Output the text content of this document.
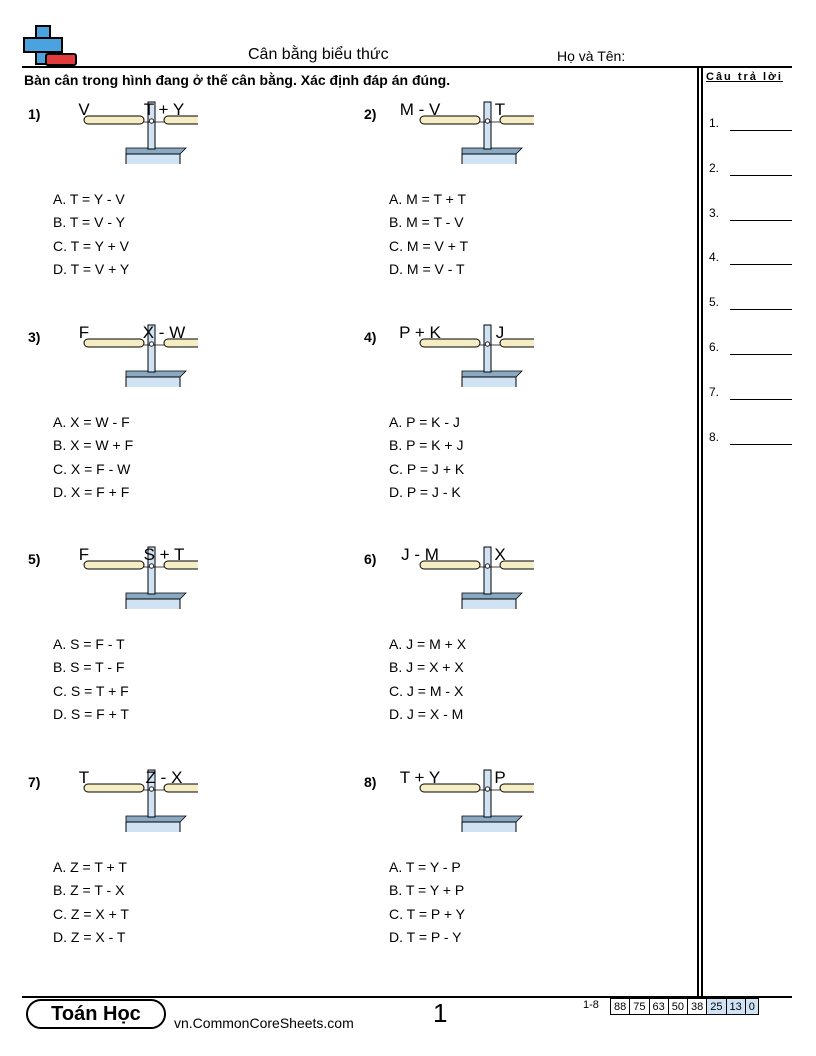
Cân bằng biểu thức	Họ và Tên:
Bàn cân trong hình đang ở thế cân bằng. Xác định đáp án đúng.	Câu trả lời
1.
2.
3.
4.
5.
6.
7.
8.
1)	V	T + Y
A. T = Y - V
B. T = V - Y
C. T = Y + V
D. T = V + Y
2)	M - V	T
A. M = T + T
B. M = T - V
C. M = V + T
D. M = V - T
3)	F	X - W
A. X = W - F
B. X = W + F
C. X = F - W
D. X = F + F
4)	P + K	J
A. P = K - J
B. P = K + J
C. P = J + K
D. P = J - K
5)	F	S + T
A. S = F - T
B. S = T - F
C. S = T + F
D. S = F + T
6)	J - M	X
A. J = M + X
B. J = X + X
C. J = M - X
D. J = X - M
7)	T	Z - X
A. Z = T + T
B. Z = T - X
C. Z = X + T
D. Z = X - T
8)	T + Y	P
A. T = Y - P
B. T = Y + P
C. T = P + Y
D. T = P - Y
Toán Học	vn.CommonCoreSheets.com	1	1-8 88	75	63	50	38	25	13	0
